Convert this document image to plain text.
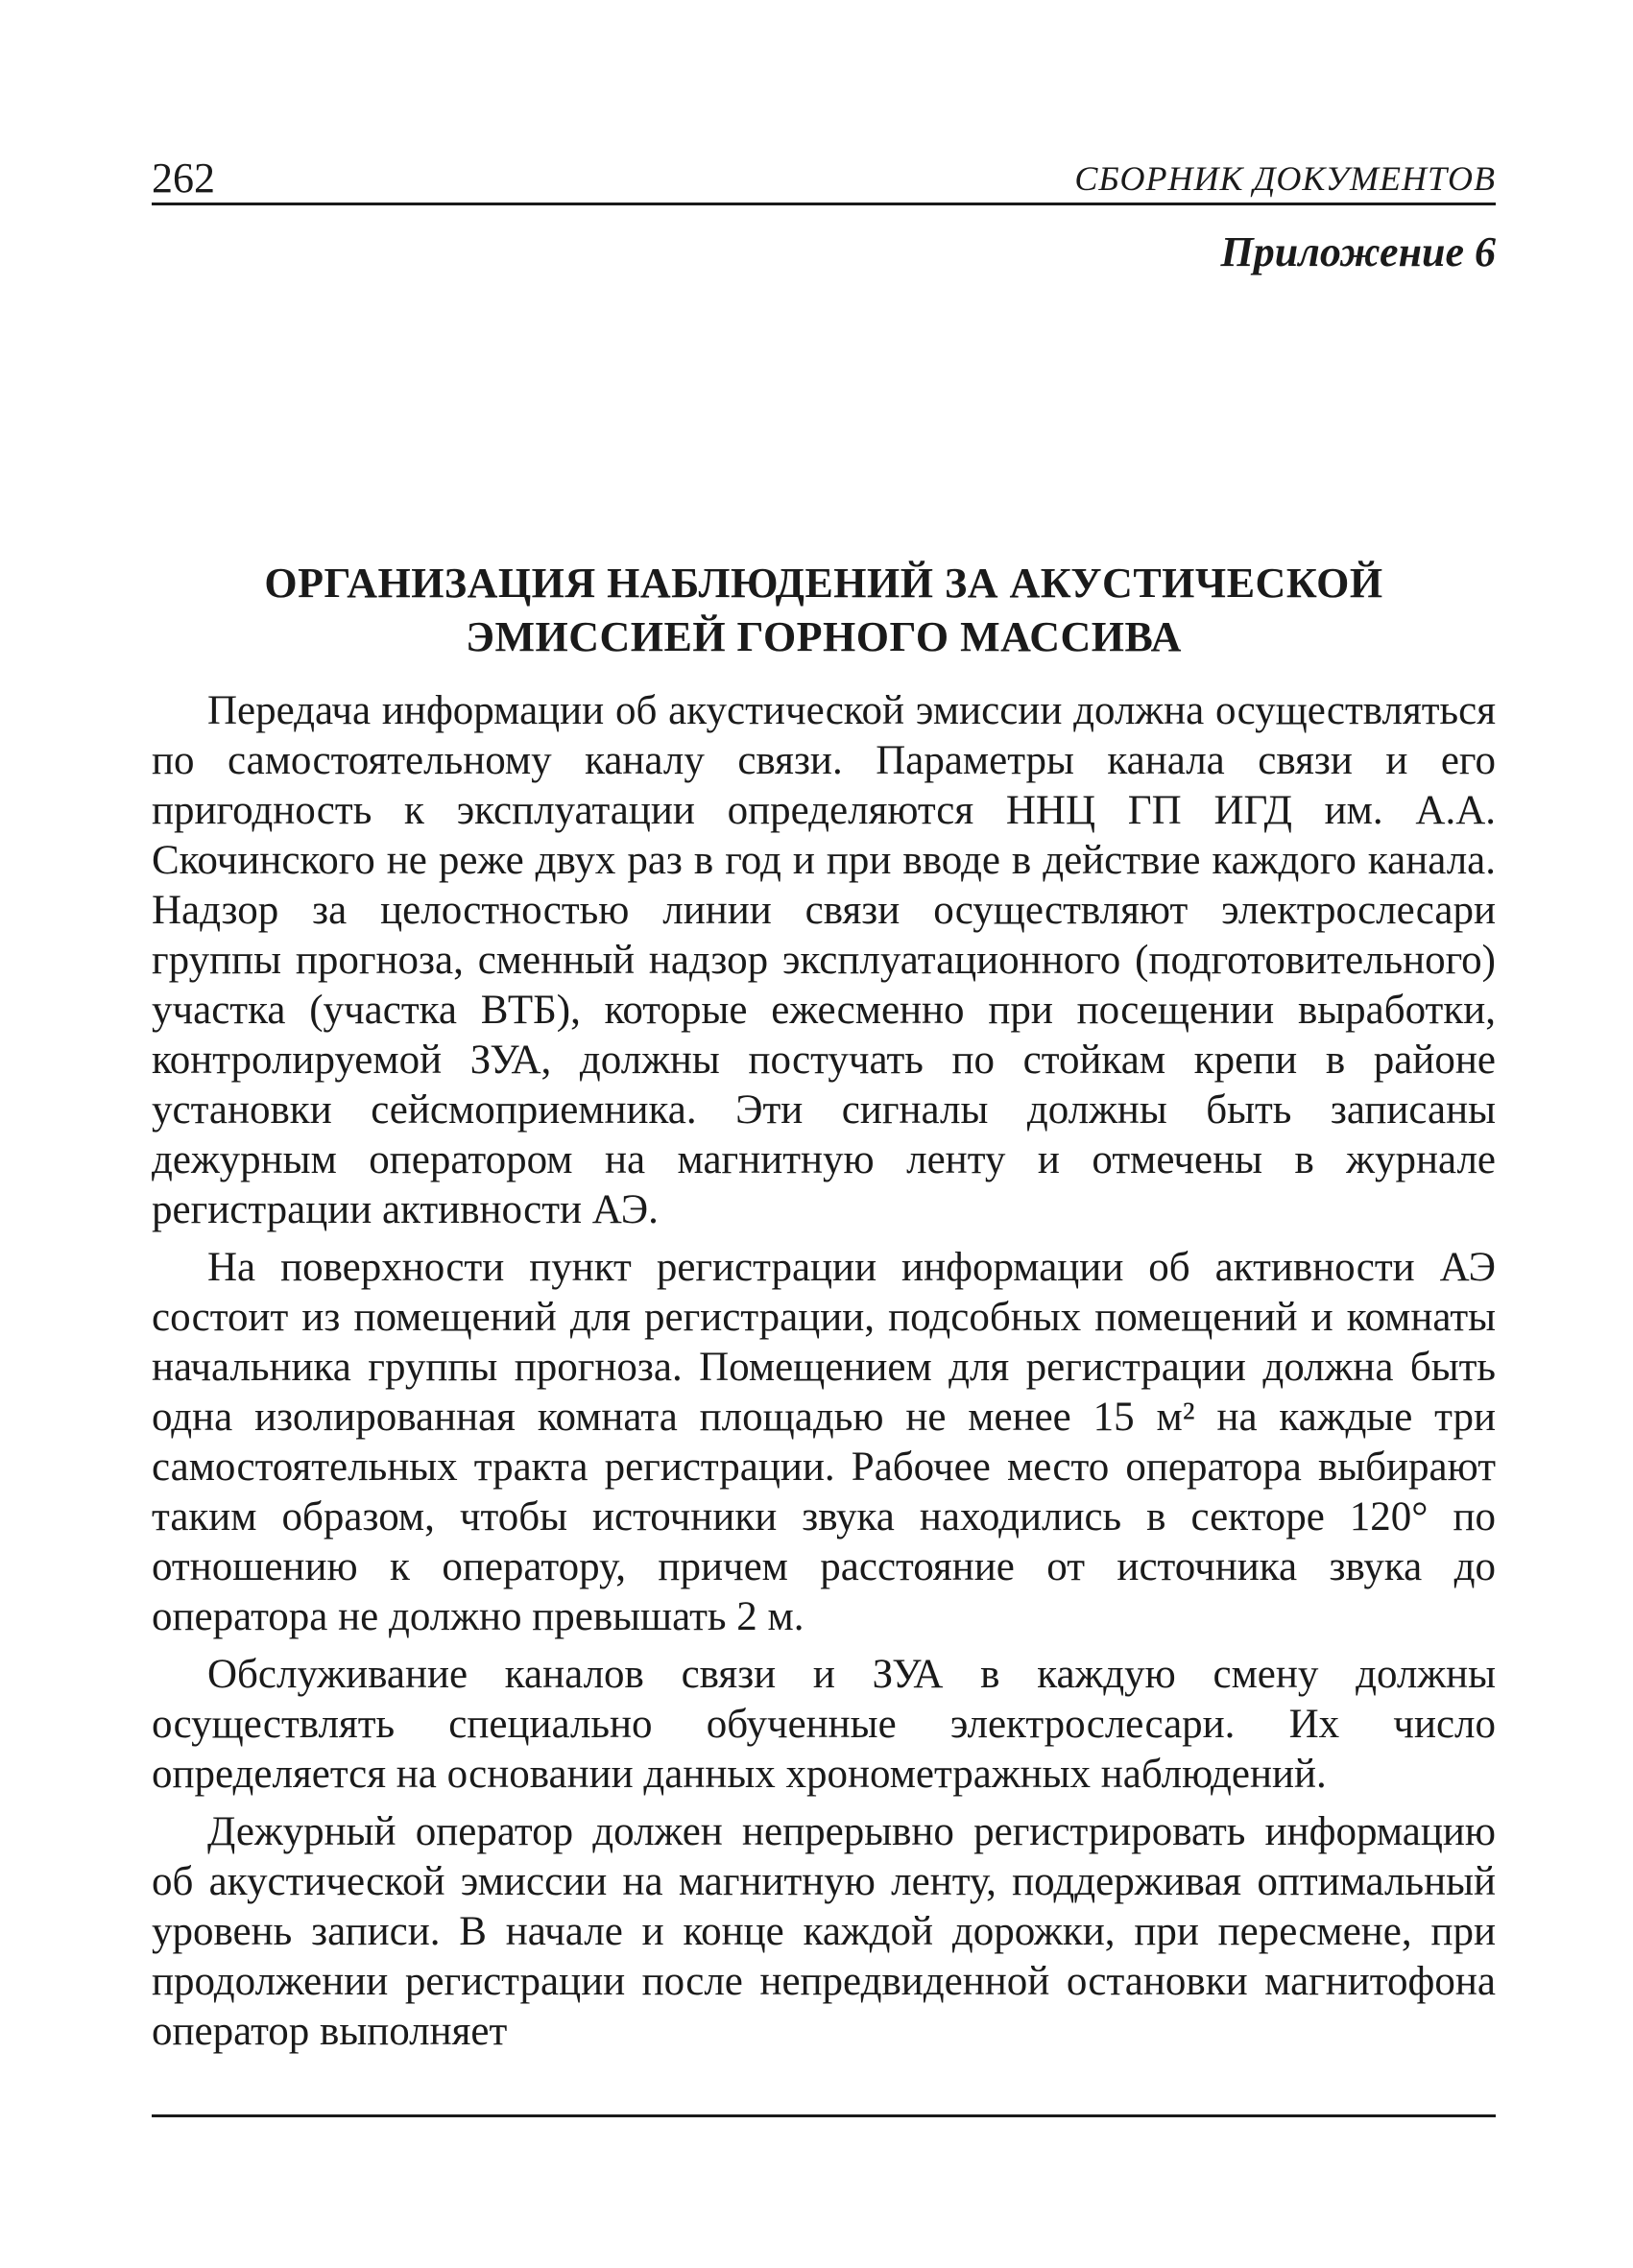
262	СБОРНИК ДОКУМЕНТОВ
Приложение 6
ОРГАНИЗАЦИЯ НАБЛЮДЕНИЙ ЗА АКУСТИЧЕСКОЙ
ЭМИССИЕЙ ГОРНОГО МАССИВА

Передача информации об акустической эмиссии должна осуществляться по самостоятельному каналу связи. Параметры канала связи и его пригодность к эксплуатации определяются ННЦ ГП ИГД им. А.А. Скочинского не реже двух раз в год и при вводе в действие каждого канала. Надзор за целостностью линии связи осуществляют электрослесари группы прогноза, сменный надзор эксплуатационного (подготовительного) участка (участка ВТБ), которые ежесменно при посещении выработки, контролируемой ЗУА, должны постучать по стойкам крепи в районе установки сейсмоприемника. Эти сигналы должны быть записаны дежурным оператором на магнитную ленту и отмечены в журнале регистрации активности АЭ.

На поверхности пункт регистрации информации об активности АЭ состоит из помещений для регистрации, подсобных помещений и комнаты начальника группы прогноза. Помещением для регистрации должна быть одна изолированная комната площадью не менее 15 м² на каждые три самостоятельных тракта регистрации. Рабочее место оператора выбирают таким образом, чтобы источники звука находились в секторе 120° по отношению к оператору, причем расстояние от источника звука до оператора не должно превышать 2 м.

Обслуживание каналов связи и ЗУА в каждую смену должны осуществлять специально обученные электрослесари. Их число определяется на основании данных хронометражных наблюдений.

Дежурный оператор должен непрерывно регистрировать информацию об акустической эмиссии на магнитную ленту, поддерживая оптимальный уровень записи. В начале и конце каждой дорожки, при пересмене, при продолжении регистрации после непредвиденной остановки магнитофона оператор выполняет
